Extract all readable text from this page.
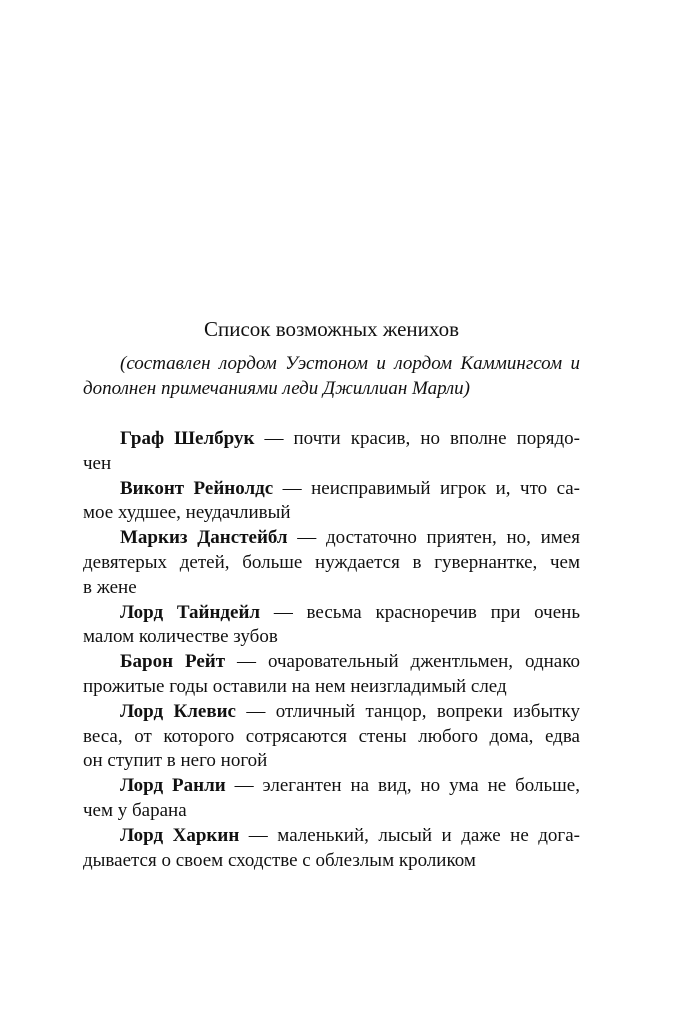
Список возможных женихов
(составлен лордом Уэстоном и лордом Каммингсом и
дополнен примечаниями леди Джиллиан Марли)
Граф Шелбрук — почти красив, но вполне порядо-
чен
Виконт Рейнолдс — неисправимый игрок и, что са-
мое худшее, неудачливый
Маркиз Данстейбл — достаточно приятен, но, имея
девятерых детей, больше нуждается в гувернантке, чем
в жене
Лорд Тайндейл — весьма красноречив при очень
малом количестве зубов
Барон Рейт — очаровательный джентльмен, однако
прожитые годы оставили на нем неизгладимый след
Лорд Клевис — отличный танцор, вопреки избытку
веса, от которого сотрясаются стены любого дома, едва
он ступит в него ногой
Лорд Ранли — элегантен на вид, но ума не больше,
чем у барана
Лорд Харкин — маленький, лысый и даже не дога-
дывается о своем сходстве с облезлым кроликом
